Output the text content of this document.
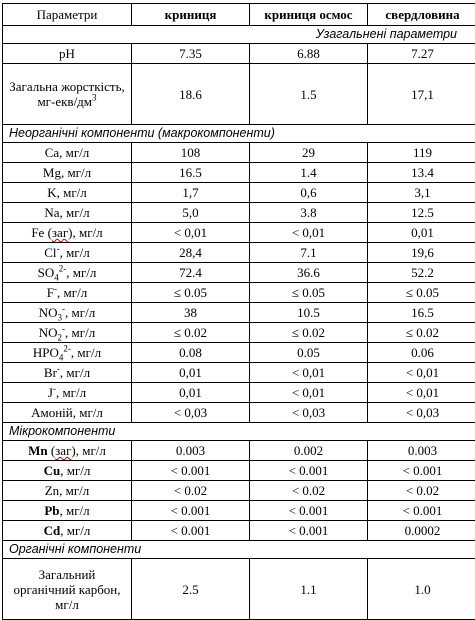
Параметри	криниця	криниця осмос	свердловина
Узагальнені параметри			
рН	7.35	6.88	7.27
Загальна жорсткість, $мг-екв/дм^3$	18.6	1.5	17,1
Неорганічні компоненти (макрокомпоненти)			
Ca, мг/л	108	29	119
Mg, мг/л	16.5	1.4	13.4
K, мг/л	1,7	0,6	3,1
Na, мг/л	5,0	3.8	12.5
Fe (заг), мг/л	< 0,01	< 0,01	0,01
Cl-, мг/л	28,4	7.1	19,6
$SO_4^{2-}$, мг/л	72.4	36.6	52.2
F-, мг/л	≤ 0.05	≤ 0.05	≤ 0.05
$NO_3^-$, мг/л	38	10.5	16.5
$NO_2^-$, мг/л	≤ 0.02	≤ 0.02	≤ 0.02
$HPO_4^{2-}$, мг/л	0.08	0.05	0.06
Br-, мг/л	0,01	< 0,01	< 0,01
J-, мг/л	0,01	< 0,01	< 0,01
Амоній, мг/л	< 0,03	< 0,03	< 0,03
Мікрокомпоненти			
Mn (заг), мг/л	0.003	0.002	0.003
Cu, мг/л	< 0.001	< 0.001	< 0.001
Zn, мг/л	< 0.02	< 0.02	< 0.02
Pb, мг/л	< 0.001	< 0.001	< 0.001
Cd, мг/л	< 0.001	< 0.001	0.0002
Органічні компоненти			
Загальний органічний карбон, мг/л	2.5	1.1	1.0
